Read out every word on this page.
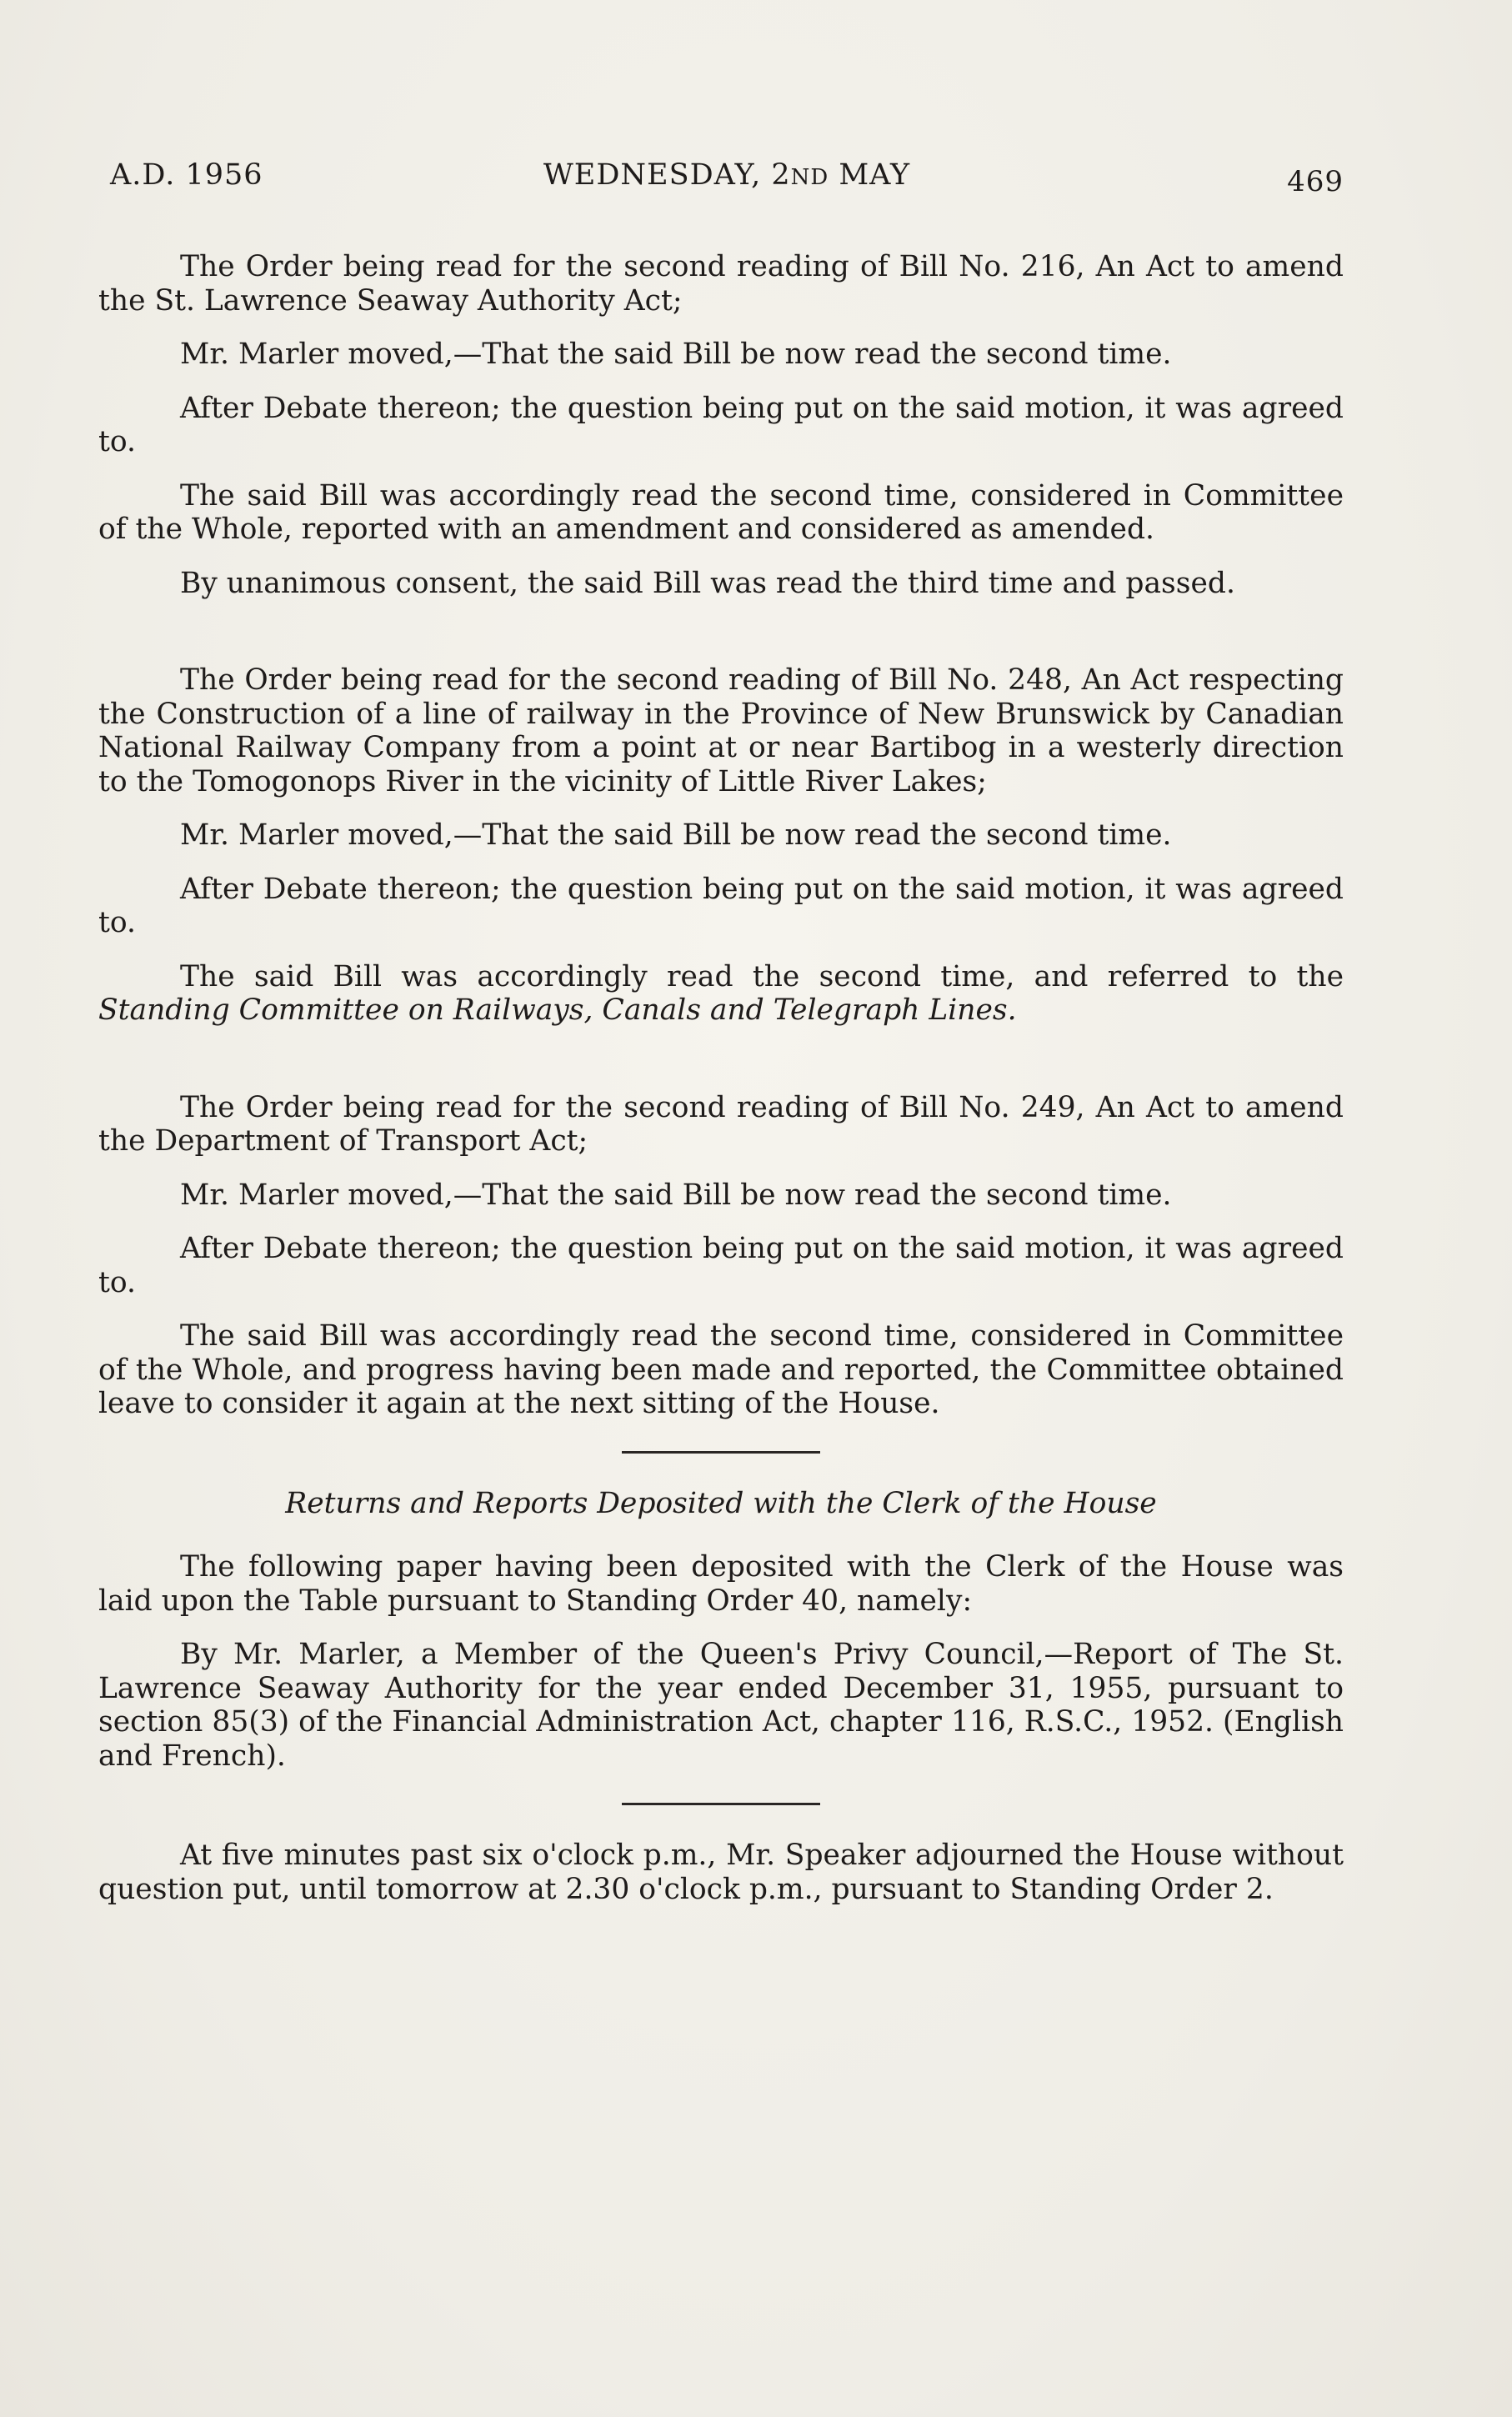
A.D. 1956	WEDNESDAY, 2ND MAY	469

The Order being read for the second reading of Bill No. 216, An Act to amend the St. Lawrence Seaway Authority Act;

Mr. Marler moved,—That the said Bill be now read the second time.

After Debate thereon; the question being put on the said motion, it was agreed to.

The said Bill was accordingly read the second time, considered in Committee of the Whole, reported with an amendment and considered as amended.

By unanimous consent, the said Bill was read the third time and passed.

The Order being read for the second reading of Bill No. 248, An Act respecting the Construction of a line of railway in the Province of New Brunswick by Canadian National Railway Company from a point at or near Bartibog in a westerly direction to the Tomogonops River in the vicinity of Little River Lakes;

Mr. Marler moved,—That the said Bill be now read the second time.

After Debate thereon; the question being put on the said motion, it was agreed to.

The said Bill was accordingly read the second time, and referred to the Standing Committee on Railways, Canals and Telegraph Lines.

The Order being read for the second reading of Bill No. 249, An Act to amend the Department of Transport Act;

Mr. Marler moved,—That the said Bill be now read the second time.

After Debate thereon; the question being put on the said motion, it was agreed to.

The said Bill was accordingly read the second time, considered in Committee of the Whole, and progress having been made and reported, the Committee obtained leave to consider it again at the next sitting of the House.

Returns and Reports Deposited with the Clerk of the House

The following paper having been deposited with the Clerk of the House was laid upon the Table pursuant to Standing Order 40, namely:

By Mr. Marler, a Member of the Queen's Privy Council,—Report of The St. Lawrence Seaway Authority for the year ended December 31, 1955, pursuant to section 85(3) of the Financial Administration Act, chapter 116, R.S.C., 1952. (English and French).

At five minutes past six o'clock p.m., Mr. Speaker adjourned the House without question put, until tomorrow at 2.30 o'clock p.m., pursuant to Standing Order 2.
